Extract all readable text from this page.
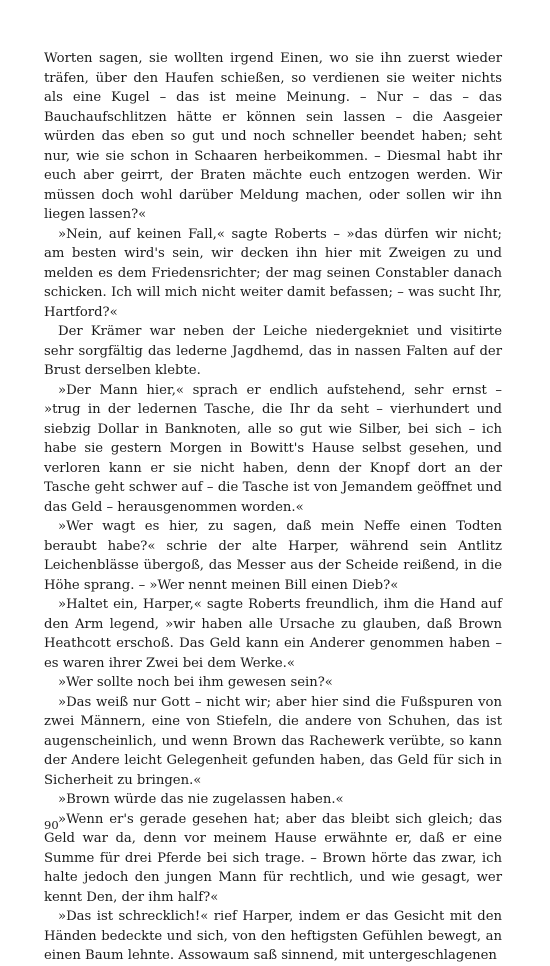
Worten sagen, sie wollten irgend Einen, wo sie ihn zuerst wieder träfen, über den Haufen schießen, so verdienen sie weiter nichts als eine Kugel – das ist meine Meinung. – Nur – das – das Bauchaufschlitzen hätte er können sein lassen – die Aasgeier würden das eben so gut und noch schneller beendet haben; seht nur, wie sie schon in Schaaren herbeikommen. – Diesmal habt ihr euch aber geirrt, der Braten mächte euch entzogen werden. Wir müssen doch wohl darüber Meldung machen, oder sollen wir ihn liegen lassen?«

»Nein, auf keinen Fall,« sagte Roberts – »das dürfen wir nicht; am besten wird's sein, wir decken ihn hier mit Zweigen zu und melden es dem Friedensrichter; der mag seinen Constabler danach schicken. Ich will mich nicht weiter damit befassen; – was sucht Ihr, Hartford?«

Der Krämer war neben der Leiche niedergekniet und visitirte sehr sorgfältig das lederne Jagdhemd, das in nassen Falten auf der Brust derselben klebte.

»Der Mann hier,« sprach er endlich aufstehend, sehr ernst – »trug in der ledernen Tasche, die Ihr da seht – vierhundert und siebzig Dollar in Banknoten, alle so gut wie Silber, bei sich – ich habe sie gestern Morgen in Bowitt's Hause selbst gesehen, und verloren kann er sie nicht haben, denn der Knopf dort an der Tasche geht schwer auf – die Tasche ist von Jemandem geöffnet und das Geld – herausgenommen worden.«

»Wer wagt es hier, zu sagen, daß mein Neffe einen Todten beraubt habe?« schrie der alte Harper, während sein Antlitz Leichenblässe übergoß, das Messer aus der Scheide reißend, in die Höhe sprang. – »Wer nennt meinen Bill einen Dieb?«

»Haltet ein, Harper,« sagte Roberts freundlich, ihm die Hand auf den Arm legend, »wir haben alle Ursache zu glauben, daß Brown Heathcott erschoß. Das Geld kann ein Anderer genommen haben – es waren ihrer Zwei bei dem Werke.«

»Wer sollte noch bei ihm gewesen sein?«

»Das weiß nur Gott – nicht wir; aber hier sind die Fußspuren von zwei Männern, eine von Stiefeln, die andere von Schuhen, das ist augenscheinlich, und wenn Brown das Rachewerk verübte, so kann der Andere leicht Gelegenheit gefunden haben, das Geld für sich in Sicherheit zu bringen.«

»Brown würde das nie zugelassen haben.«

»Wenn er's gerade gesehen hat; aber das bleibt sich gleich; das Geld war da, denn vor meinem Hause erwähnte er, daß er eine Summe für drei Pferde bei sich trage. – Brown hörte das zwar, ich halte jedoch den jungen Mann für rechtlich, und wie gesagt, wer kennt Den, der ihm half?«

»Das ist schrecklich!« rief Harper, indem er das Gesicht mit den Händen bedeckte und sich, von den heftigsten Gefühlen bewegt, an einen Baum lehnte. Assowaum saß sinnend, mit untergeschlagenen

90
